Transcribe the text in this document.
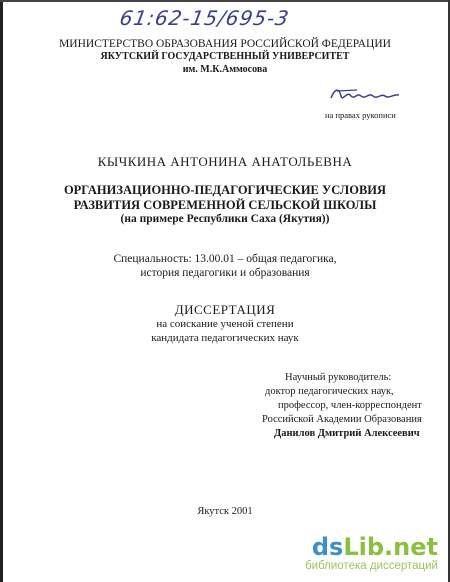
61:62-15/695-3
МИНИСТЕРСТВО ОБРАЗОВАНИЯ РОССИЙСКОЙ ФЕДЕРАЦИИ
ЯКУТСКИЙ ГОСУДАРСТВЕННЫЙ УНИВЕРСИТЕТ
им. М.К.Аммосова
на правах рукописи
КЫЧКИНА АНТОНИНА АНАТОЛЬЕВНА
ОРГАНИЗАЦИОННО-ПЕДАГОГИЧЕСКИЕ УСЛОВИЯ
РАЗВИТИЯ СОВРЕМЕННОЙ СЕЛЬСКОЙ ШКОЛЫ
(на примере Республики Саха (Якутия))
Специальность: 13.00.01 – общая педагогика,
история педагогики и образования
ДИССЕРТАЦИЯ
на соискание ученой степени
кандидата педагогических наук
Научный руководитель:
доктор педагогических наук,
профессор, член-корреспондент
Российской Академии Образования
Данилов Дмитрий Алексеевич
Якутск 2001
dsLib.net
библиотека диссертаций
